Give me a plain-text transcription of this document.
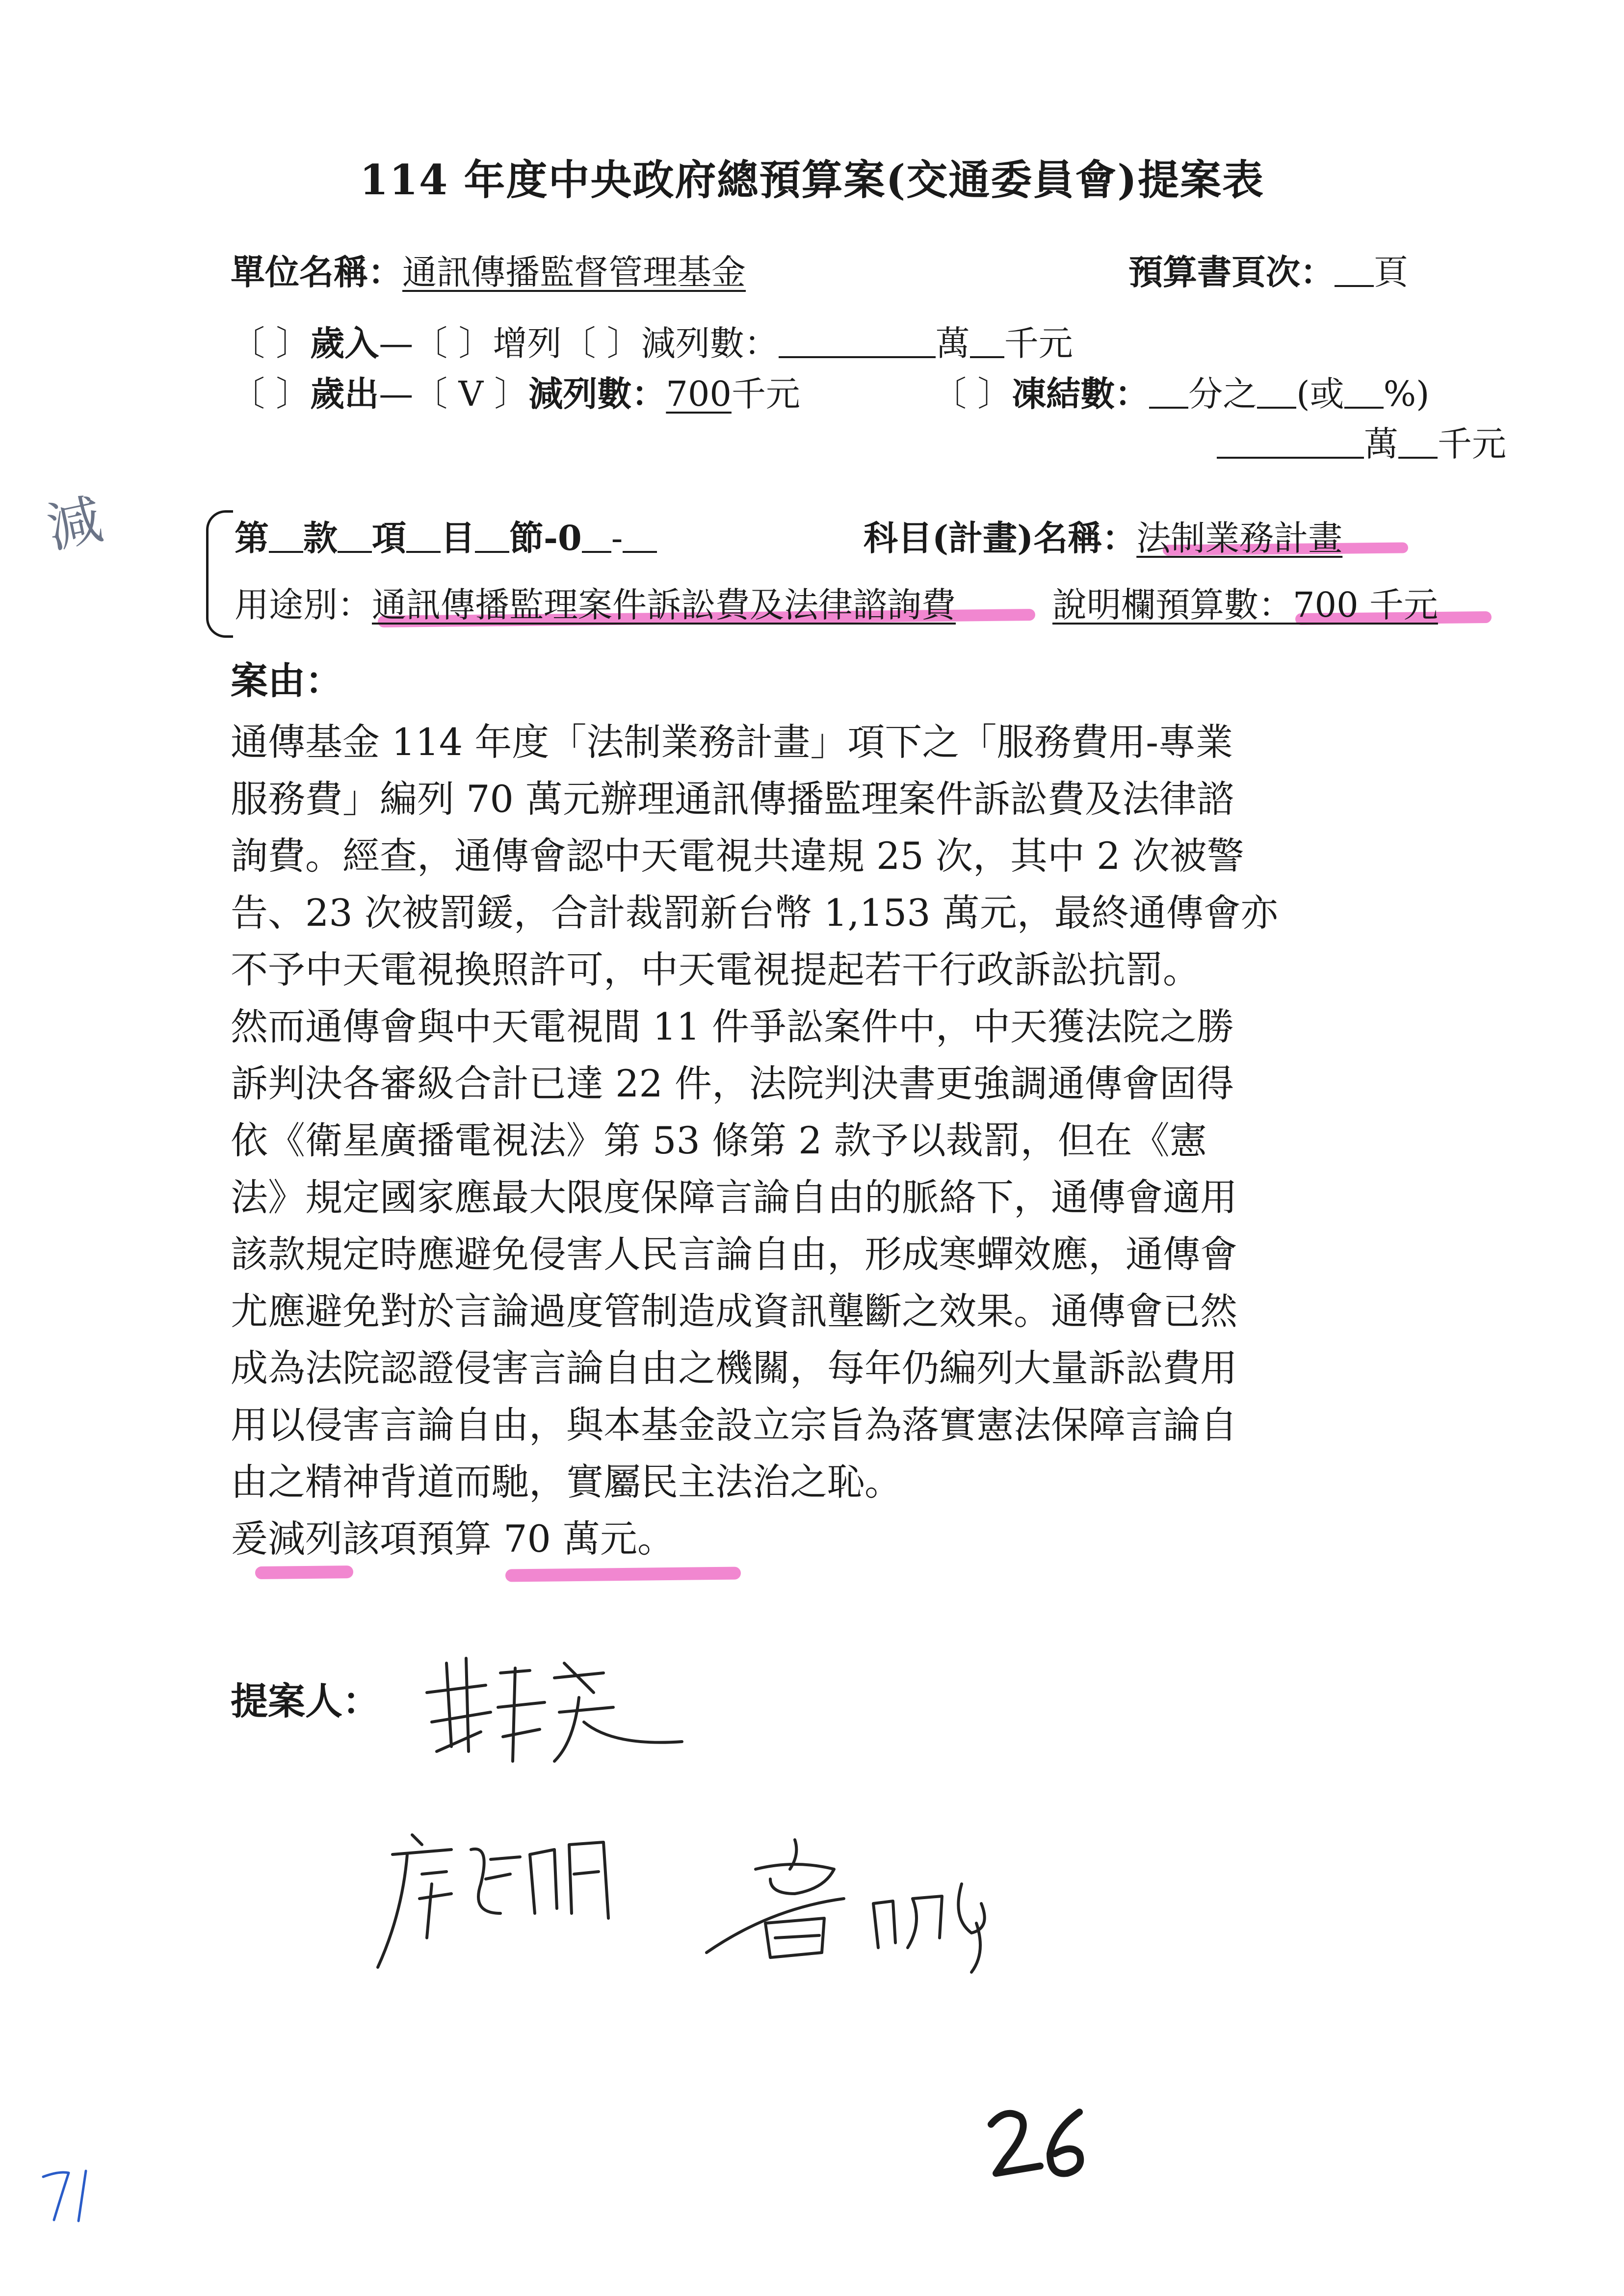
114 年度中央政府總預算案(交通委員會)提案表
單位名稱：通訊傳播監督管理基金	預算書頁次： 頁
〔 〕歲入—〔 〕增列〔 〕減列數：	萬 千元
〔 〕歲出—〔 V 〕減列數：700千元	〔 〕凍結數： 分之 (或 %)
萬 千元
減	第 款 項 目 節-0 -	科目(計畫)名稱：法制業務計畫
用途別：通訊傳播監理案件訴訟費及法律諮詢費	說明欄預算數：700 千元
案由：
通傳基金 114 年度「法制業務計畫」項下之「服務費用-專業
服務費」編列 70 萬元辦理通訊傳播監理案件訴訟費及法律諮
詢費。經查，通傳會認中天電視共違規 25 次，其中 2 次被警
告、23 次被罰鍰，合計裁罰新台幣 1,153 萬元，最終通傳會亦
不予中天電視換照許可，中天電視提起若干行政訴訟抗罰。
然而通傳會與中天電視間 11 件爭訟案件中，中天獲法院之勝
訴判決各審級合計已達 22 件，法院判決書更強調通傳會固得
依《衛星廣播電視法》第 53 條第 2 款予以裁罰，但在《憲
法》規定國家應最大限度保障言論自由的脈絡下，通傳會適用
該款規定時應避免侵害人民言論自由，形成寒蟬效應，通傳會
尤應避免對於言論過度管制造成資訊壟斷之效果。通傳會已然
成為法院認證侵害言論自由之機關，每年仍編列大量訴訟費用
用以侵害言論自由，與本基金設立宗旨為落實憲法保障言論自
由之精神背道而馳，實屬民主法治之恥。
爰減列該項預算 70 萬元。
提案人：
